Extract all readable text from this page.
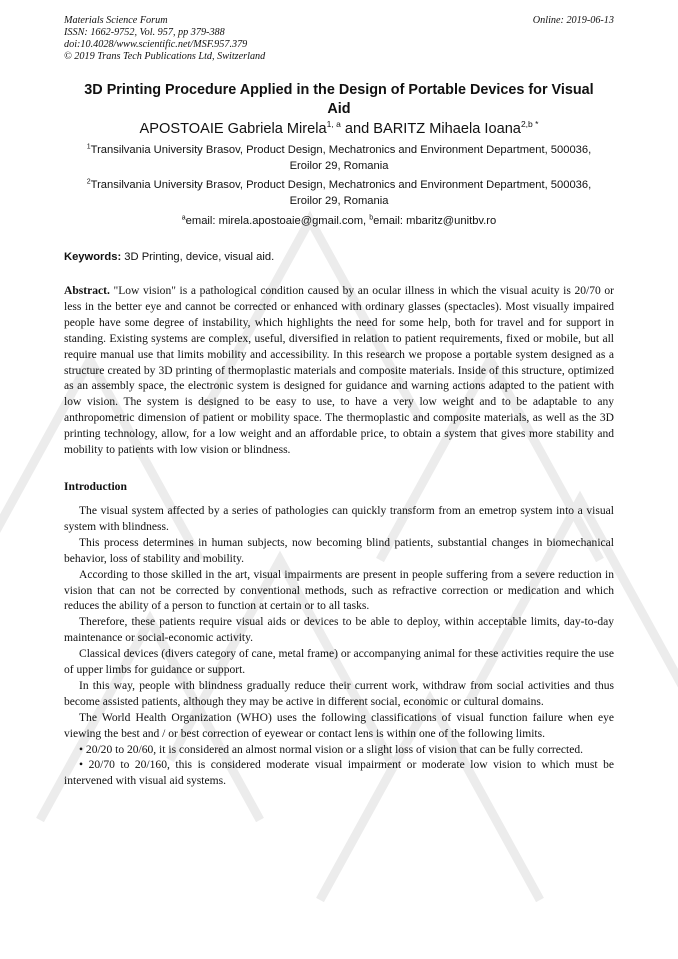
Materials Science Forum
ISSN: 1662-9752, Vol. 957, pp 379-388
doi:10.4028/www.scientific.net/MSF.957.379
© 2019 Trans Tech Publications Ltd, Switzerland
Online: 2019-06-13
3D Printing Procedure Applied in the Design of Portable Devices for Visual Aid
APOSTOAIE Gabriela Mirela$^{1, a}$ and BARITZ Mihaela Ioana$^{2,b *}$
$^1$Transilvania University Brasov, Product Design, Mechatronics and Environment Department, 500036, Eroilor 29, Romania
$^2$Transilvania University Brasov, Product Design, Mechatronics and Environment Department, 500036, Eroilor 29, Romania
$^a$email: mirela.apostoaie@gmail.com, $^b$email: mbaritz@unitbv.ro
Keywords: 3D Printing, device, visual aid.
Abstract. "Low vision" is a pathological condition caused by an ocular illness in which the visual acuity is 20/70 or less in the better eye and cannot be corrected or enhanced with ordinary glasses (spectacles). Most visually impaired people have some degree of instability, which highlights the need for some help, both for travel and for support in standing. Existing systems are complex, useful, diversified in relation to patient requirements, fixed or mobile, but all require manual use that limits mobility and accessibility. In this research we propose a portable system designed as a structure created by 3D printing of thermoplastic materials and composite materials. Inside of this structure, optimized as an assembly space, the electronic system is designed for guidance and warning actions adapted to the patient with low vision. The system is designed to be easy to use, to have a very low weight and to be adaptable to any anthropometric dimension of patient or mobility space. The thermoplastic and composite materials, as well as the 3D printing technology, allow, for a low weight and an affordable price, to obtain a system that gives more stability and mobility to patients with low vision or blindness.
Introduction

The visual system affected by a series of pathologies can quickly transform from an emetrop system into a visual system with blindness.

This process determines in human subjects, now becoming blind patients, substantial changes in biomechanical behavior, loss of stability and mobility.

According to those skilled in the art, visual impairments are present in people suffering from a severe reduction in vision that can not be corrected by conventional methods, such as refractive correction or medication and which reduces the ability of a person to function at certain or to all tasks.

Therefore, these patients require visual aids or devices to be able to deploy, within acceptable limits, day-to-day maintenance or social-economic activity.

Classical devices (divers category of cane, metal frame) or accompanying animal for these activities require the use of upper limbs for guidance or support.

In this way, people with blindness gradually reduce their current work, withdraw from social activities and thus become assisted patients, although they may be active in different social, economic or cultural domains.

The World Health Organization (WHO) uses the following classifications of visual function failure when eye viewing the best and / or best correction of eyewear or contact lens is within one of the following limits.

• 20/20 to 20/60, it is considered an almost normal vision or a slight loss of vision that can be fully corrected.

• 20/70 to 20/160, this is considered moderate visual impairment or moderate low vision to which must be intervened with visual aid systems.
